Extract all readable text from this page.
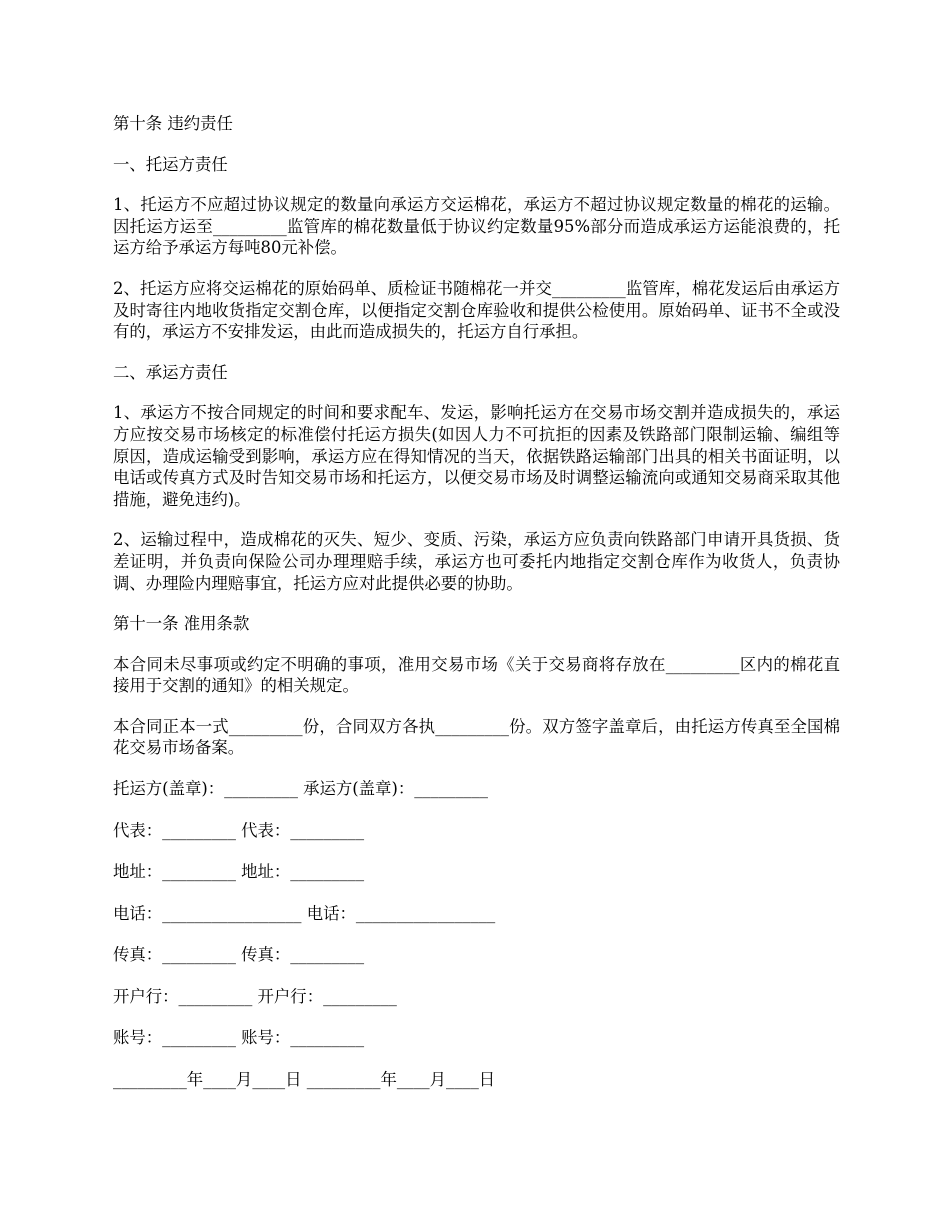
第十条 违约责任

一、托运方责任

1、托运方不应超过协议规定的数量向承运方交运棉花，承运方不超过协议规定数量的棉花的运输。因托运方运至_________监管库的棉花数量低于协议约定数量95%部分而造成承运方运能浪费的，托运方给予承运方每吨80元补偿。

2、托运方应将交运棉花的原始码单、质检证书随棉花一并交_________监管库，棉花发运后由承运方及时寄往内地收货指定交割仓库，以便指定交割仓库验收和提供公检使用。原始码单、证书不全或没有的，承运方不安排发运，由此而造成损失的，托运方自行承担。

二、承运方责任

1、承运方不按合同规定的时间和要求配车、发运，影响托运方在交易市场交割并造成损失的，承运方应按交易市场核定的标准偿付托运方损失(如因人力不可抗拒的因素及铁路部门限制运输、编组等原因，造成运输受到影响，承运方应在得知情况的当天，依据铁路运输部门出具的相关书面证明，以电话或传真方式及时告知交易市场和托运方，以便交易市场及时调整运输流向或通知交易商采取其他措施，避免违约)。

2、运输过程中，造成棉花的灭失、短少、变质、污染，承运方应负责向铁路部门申请开具货损、货差证明，并负责向保险公司办理理赔手续，承运方也可委托内地指定交割仓库作为收货人，负责协调、办理险内理赔事宜，托运方应对此提供必要的协助。

第十一条 准用条款

本合同未尽事项或约定不明确的事项，准用交易市场《关于交易商将存放在_________区内的棉花直接用于交割的通知》的相关规定。

本合同正本一式_________份，合同双方各执_________份。双方签字盖章后，由托运方传真至全国棉花交易市场备案。

托运方(盖章)：_________ 承运方(盖章)：_________

代表：_________ 代表：_________

地址：_________ 地址：_________

电话：_________________ 电话：_________________

传真：_________ 传真：_________

开户行：_________ 开户行：_________

账号：_________ 账号：_________

_________年____月____日 _________年____月____日
